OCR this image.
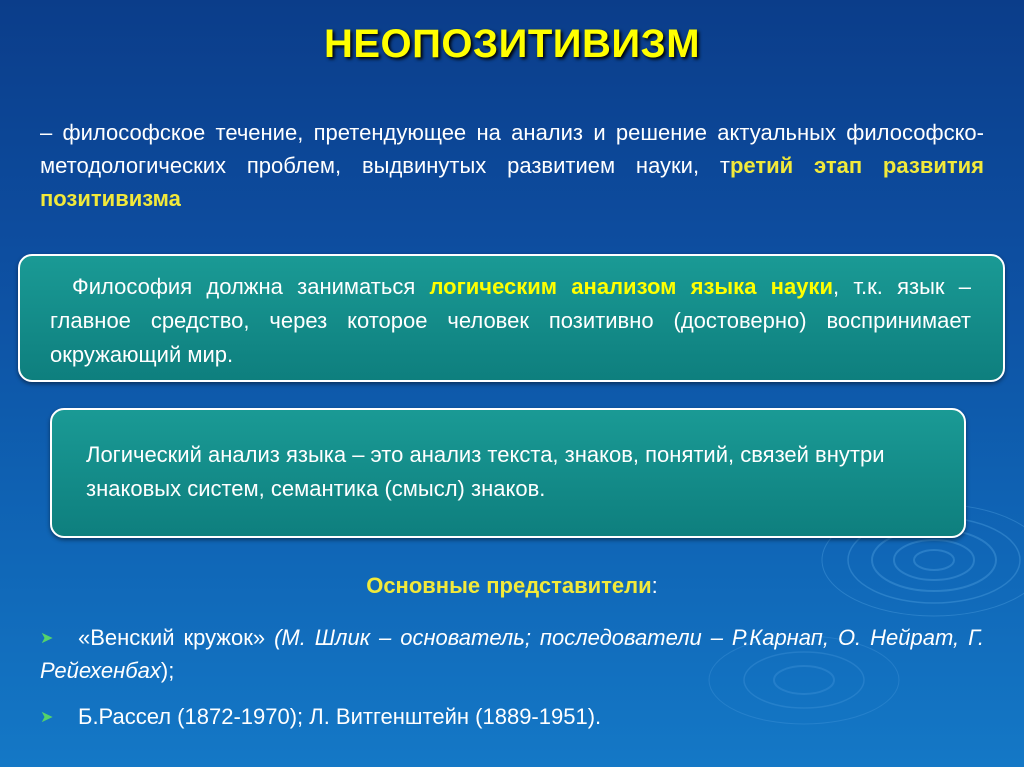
НЕОПОЗИТИВИЗМ
– философское течение, претендующее на анализ и решение актуальных философско-методологических проблем, выдвинутых развитием науки, третий этап развития позитивизма
Философия должна заниматься логическим анализом языка науки, т.к. язык – главное средство, через которое человек позитивно (достоверно) воспринимает окружающий мир.
Логический анализ языка – это анализ текста, знаков, понятий, связей внутри знаковых систем, семантика (смысл) знаков.
Основные представители:
➤	«Венский кружок» (М. Шлик – основатель; последователи – Р.Карнап, О. Нейрат, Г. Рейехенбах);
➤	Б.Рассел (1872-1970); Л. Витгенштейн (1889-1951).
